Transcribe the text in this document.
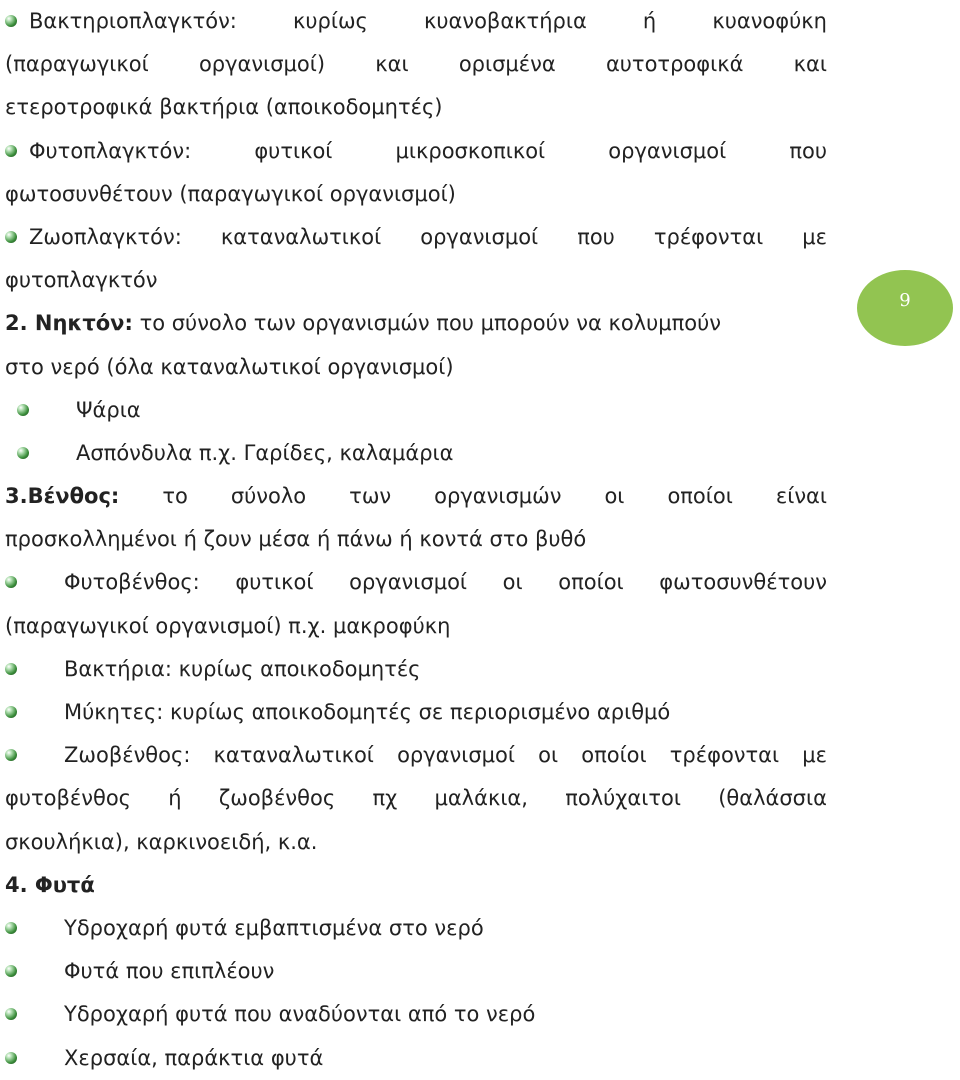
Βακτηριοπλαγκτόν:	κυρίως	κυανοβακτήρια	ή	κυανοφύκη
(παραγωγικοί οργανισμοί) και ορισμένα αυτοτροφικά και
ετεροτροφικά βακτήρια (αποικοδομητές)
Φυτοπλαγκτόν:	φυτικοί	μικροσκοπικοί	οργανισμοί	που
φωτοσυνθέτουν (παραγωγικοί οργανισμοί)
Ζωοπλαγκτόν: καταναλωτικοί οργανισμοί που τρέφονται με
φυτοπλαγκτόν
2. Νηκτόν: το σύνολο των οργανισμών που μπορούν να κολυμπούν
στο νερό (όλα καταναλωτικοί οργανισμοί)
Ψάρια
Ασπόνδυλα π.χ. Γαρίδες, καλαμάρια
3.Βένθος: το σύνολο των οργανισμών οι οποίοι είναι
προσκολλημένοι ή ζουν μέσα ή πάνω ή κοντά στο βυθό
Φυτοβένθος: φυτικοί οργανισμοί οι οποίοι φωτοσυνθέτουν
(παραγωγικοί οργανισμοί) π.χ. μακροφύκη
Βακτήρια: κυρίως αποικοδομητές
Μύκητες: κυρίως αποικοδομητές σε περιορισμένο αριθμό
Ζωοβένθος: καταναλωτικοί οργανισμοί οι οποίοι τρέφονται με
φυτοβένθος ή ζωοβένθος πχ μαλάκια, πολύχαιτοι (θαλάσσια
σκουλήκια), καρκινοειδή, κ.α.
4. Φυτά
Υδροχαρή φυτά εμβαπτισμένα στο νερό
Φυτά που επιπλέουν
Υδροχαρή φυτά που αναδύονται από το νερό
Χερσαία, παράκτια φυτά
9
